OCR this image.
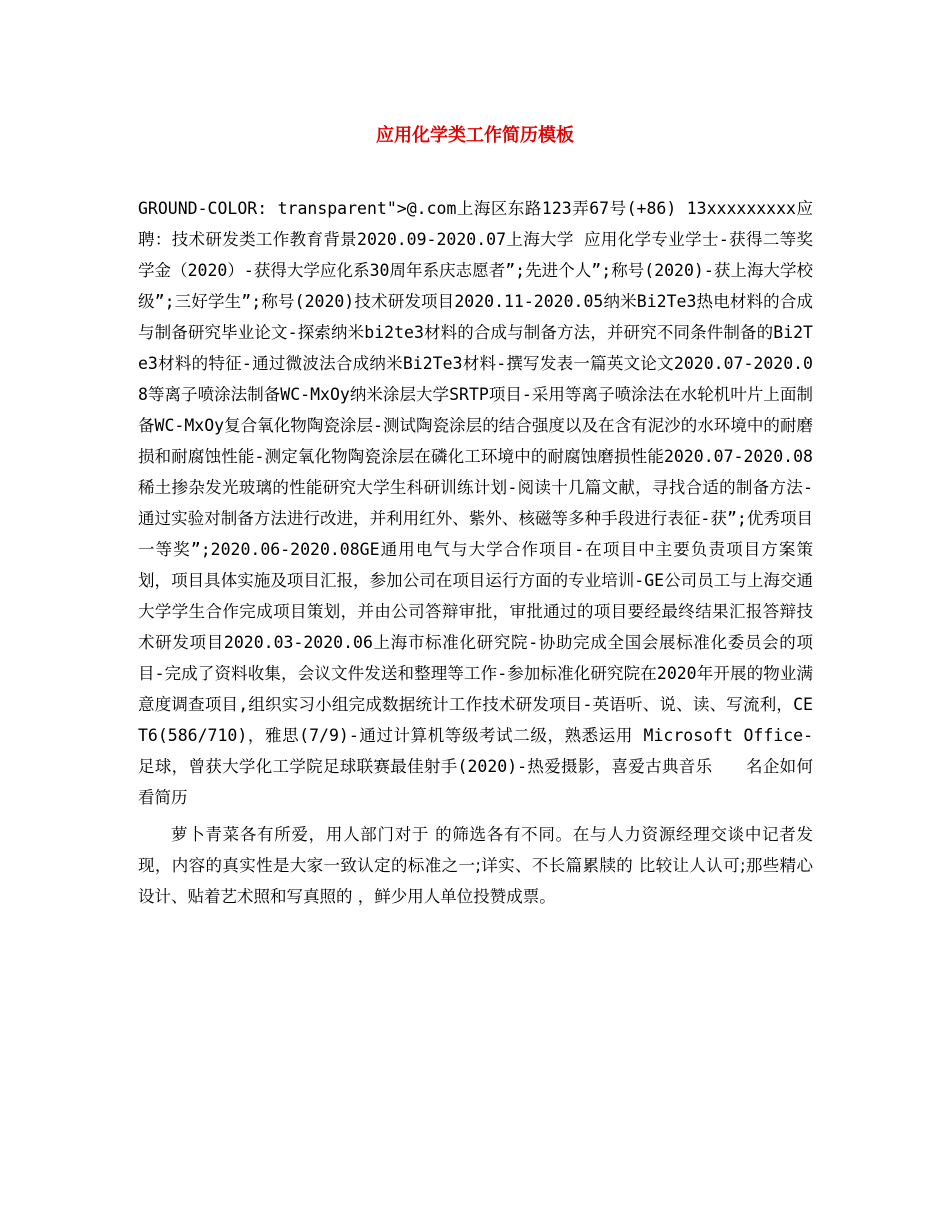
应用化学类工作简历模板

GROUND-COLOR: transparent">@.com上海区东路123弄67号(+86) 13xxxxxxxxx应聘：技术研发类工作教育背景2020.09-2020.07上海大学 应用化学专业学士-获得二等奖学金（2020）-获得大学应化系30周年系庆志愿者”;先进个人”;称号(2020)-获上海大学校级”;三好学生”;称号(2020)技术研发项目2020.11-2020.05纳米Bi2Te3热电材料的合成与制备研究毕业论文-探索纳米bi2te3材料的合成与制备方法，并研究不同条件制备的Bi2Te3材料的特征-通过微波法合成纳米Bi2Te3材料-撰写发表一篇英文论文2020.07-2020.08等离子喷涂法制备WC-MxOy纳米涂层大学SRTP项目-采用等离子喷涂法在水轮机叶片上面制备WC-MxOy复合氧化物陶瓷涂层-测试陶瓷涂层的结合强度以及在含有泥沙的水环境中的耐磨损和耐腐蚀性能-测定氧化物陶瓷涂层在磷化工环境中的耐腐蚀磨损性能2020.07-2020.08稀土掺杂发光玻璃的性能研究大学生科研训练计划-阅读十几篇文献，寻找合适的制备方法-通过实验对制备方法进行改进，并利用红外、紫外、核磁等多种手段进行表征-获”;优秀项目一等奖”;2020.06-2020.08GE通用电气与大学合作项目-在项目中主要负责项目方案策划，项目具体实施及项目汇报，参加公司在项目运行方面的专业培训-GE公司员工与上海交通大学学生合作完成项目策划，并由公司答辩审批，审批通过的项目要经最终结果汇报答辩技术研发项目2020.03-2020.06上海市标准化研究院-协助完成全国会展标准化委员会的项目-完成了资料收集，会议文件发送和整理等工作-参加标准化研究院在2020年开展的物业满意度调查项目,组织实习小组完成数据统计工作技术研发项目-英语听、说、读、写流利，CET6(586/710)，雅思(7/9)-通过计算机等级考试二级，熟悉运用 Microsoft Office-足球，曾获大学化工学院足球联赛最佳射手(2020)-热爱摄影，喜爱古典音乐　　名企如何看简历

萝卜青菜各有所爱，用人部门对于 的筛选各有不同。在与人力资源经理交谈中记者发现，内容的真实性是大家一致认定的标准之一;详实、不长篇累牍的 比较让人认可;那些精心设计、贴着艺术照和写真照的 ，鲜少用人单位投赞成票。
